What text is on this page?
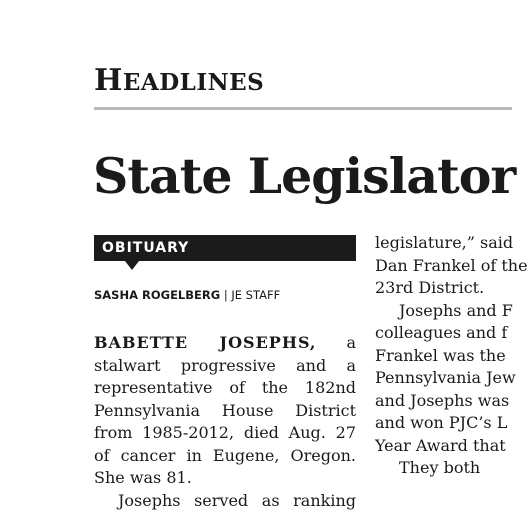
HEADLINES
State Legislator
OBITUARY
SASHA ROGELBERG | JE STAFF
BABETTE JOSEPHS, a
stalwart progressive and a
representative of the 182nd
Pennsylvania House District
from 1985-2012, died Aug. 27
of cancer in Eugene, Oregon.
She was 81.
Josephs served as ranking
legislature,” said
Dan Frankel of the
23rd District.
Josephs and F
colleagues and f
Frankel was the
Pennsylvania Jew
and Josephs was
and won PJC’s L
Year Award that
They both
